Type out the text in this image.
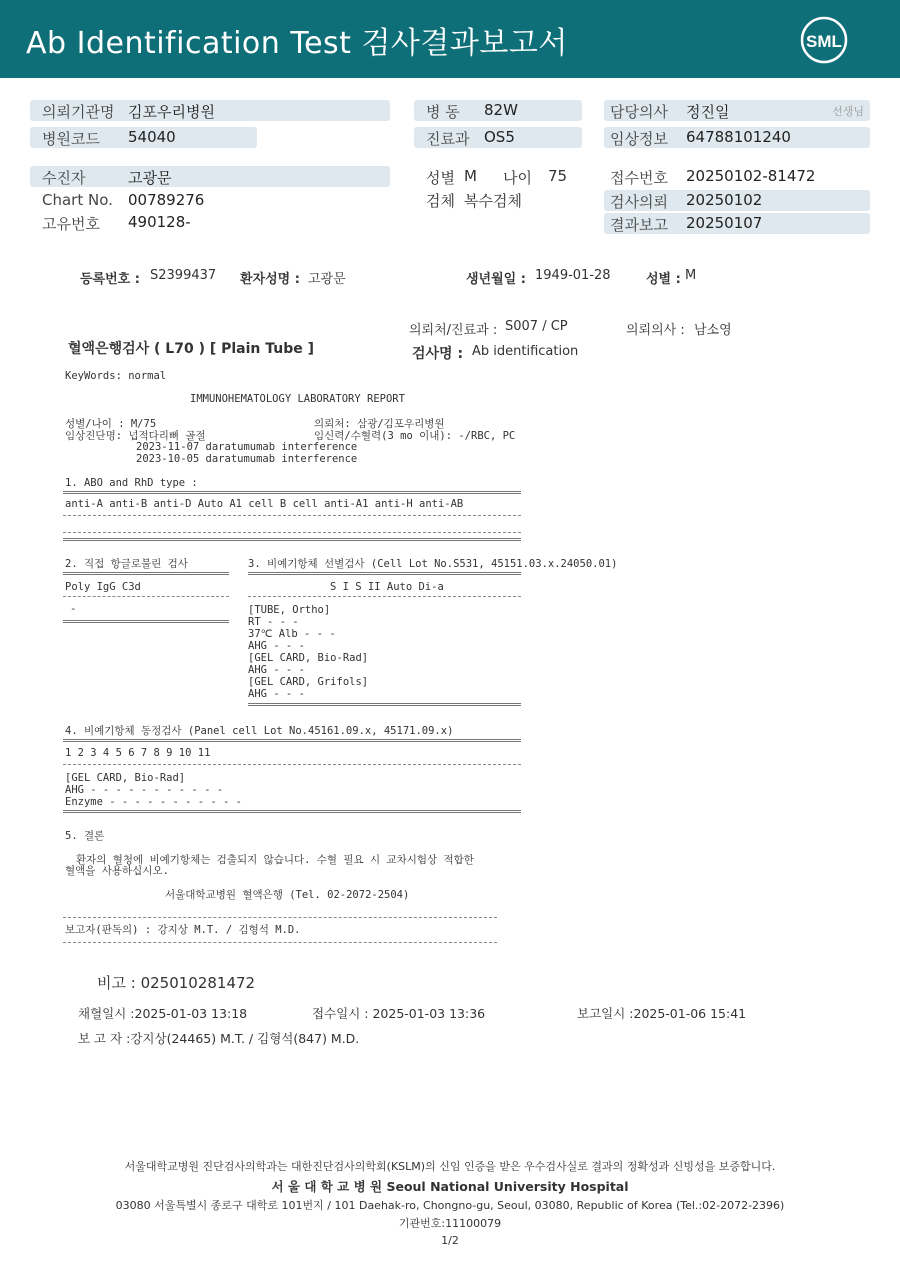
Ab Identification Test 검사결과보고서	SML
의뢰기관명 김포우리병원
병원코드 54040
병 동 82W
진료과 OS5
담당의사 정진일	선생님
임상정보 64788101240
수진자	고광문
Chart No. 00789276
고유번호 490128-
성별 M 나이 75
검체 복수검체
접수번호 20250102-81472
검사의뢰 20250102
결과보고 20250107
등록번호 : S2399437 환자성명 : 고광문	생년월일 : 1949-01-28	성별 : M
의뢰처/진료과 : S007 / CP	의뢰의사 : 남소영
혈액은행검사 ( L70 ) [ Plain Tube ]	검사명 : Ab identification
KeyWords: normal
IMMUNOHEMATOLOGY LABORATORY REPORT
성별/나이 : M/75	의뢰처: 삼광/김포우리병원
임상진단명: 넙적다리뼈 골절	임신력/수혈력(3 mo 이내): -/RBC, PC
2023-11-07 daratumumab interference
2023-10-05 daratumumab interference
1. ABO and RhD type :
anti-A anti-B anti-D Auto A1 cell B cell anti-A1 anti-H anti-AB
2. 직접 항글로불린 검사
Poly IgG C3d
-
3. 비예기항체 선별검사 (Cell Lot No.S531, 45151.03.x.24050.01)
S I S II Auto Di-a
[TUBE, Ortho]
RT - - -
37℃ Alb - - -
AHG - - -
[GEL CARD, Bio-Rad]
AHG - - -
[GEL CARD, Grifols]
AHG - - -
4. 비예기항체 동정검사 (Panel cell Lot No.45161.09.x, 45171.09.x)
1 2 3 4 5 6 7 8 9 10 11
[GEL CARD, Bio-Rad]
AHG - - - - - - - - - - -
Enzyme - - - - - - - - - - -
5. 결론
환자의 혈청에 비예기항체는 검출되지 않습니다. 수혈 필요 시 교차시험상 적합한
혈액을 사용하십시오.
서울대학교병원 혈액은행 (Tel. 02-2072-2504)
보고자(판독의) : 강지상 M.T. / 김형석 M.D.
비고 : 025010281472
채혈일시 :2025-01-03 13:18	접수일시 : 2025-01-03 13:36	보고일시 :2025-01-06 15:41
보 고 자 :강지상(24465) M.T. / 김형석(847) M.D.
서울대학교병원 진단검사의학과는 대한진단검사의학회(KSLM)의 신임 인증을 받은 우수검사실로 결과의 정확성과 신빙성을 보증합니다.
서 울 대 학 교 병 원 Seoul National University Hospital
03080 서울특별시 종로구 대학로 101번지 / 101 Daehak-ro, Chongno-gu, Seoul, 03080, Republic of Korea (Tel.:02-2072-2396)
기관번호:11100079
1/2
